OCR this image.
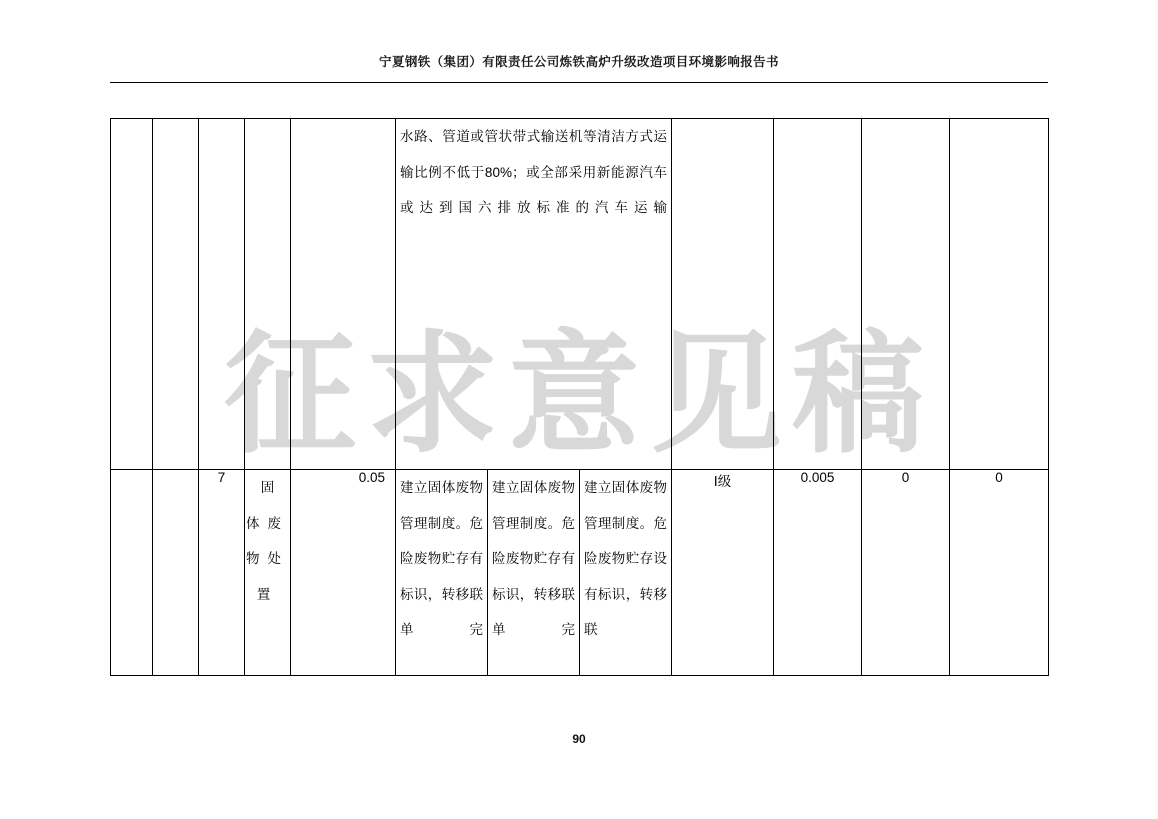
宁夏钢铁（集团）有限责任公司炼铁高炉升级改造项目环境影响报告书
征求意见稿

					水路、管道或管状带式输送机等清洁方式运输比例不低于80%；或全部采用新能源汽车或达到国六排放标准的汽车运输						

		7	固体废物处置	0.05	建立固体废物管理制度。危险废物贮存有标识，转移联单完	建立固体废物管理制度。危险废物贮存有标识，转移联单完	建立固体废物管理制度。危险废物贮存设有标识，转移联	Ⅰ级	0.005	0	0
90
